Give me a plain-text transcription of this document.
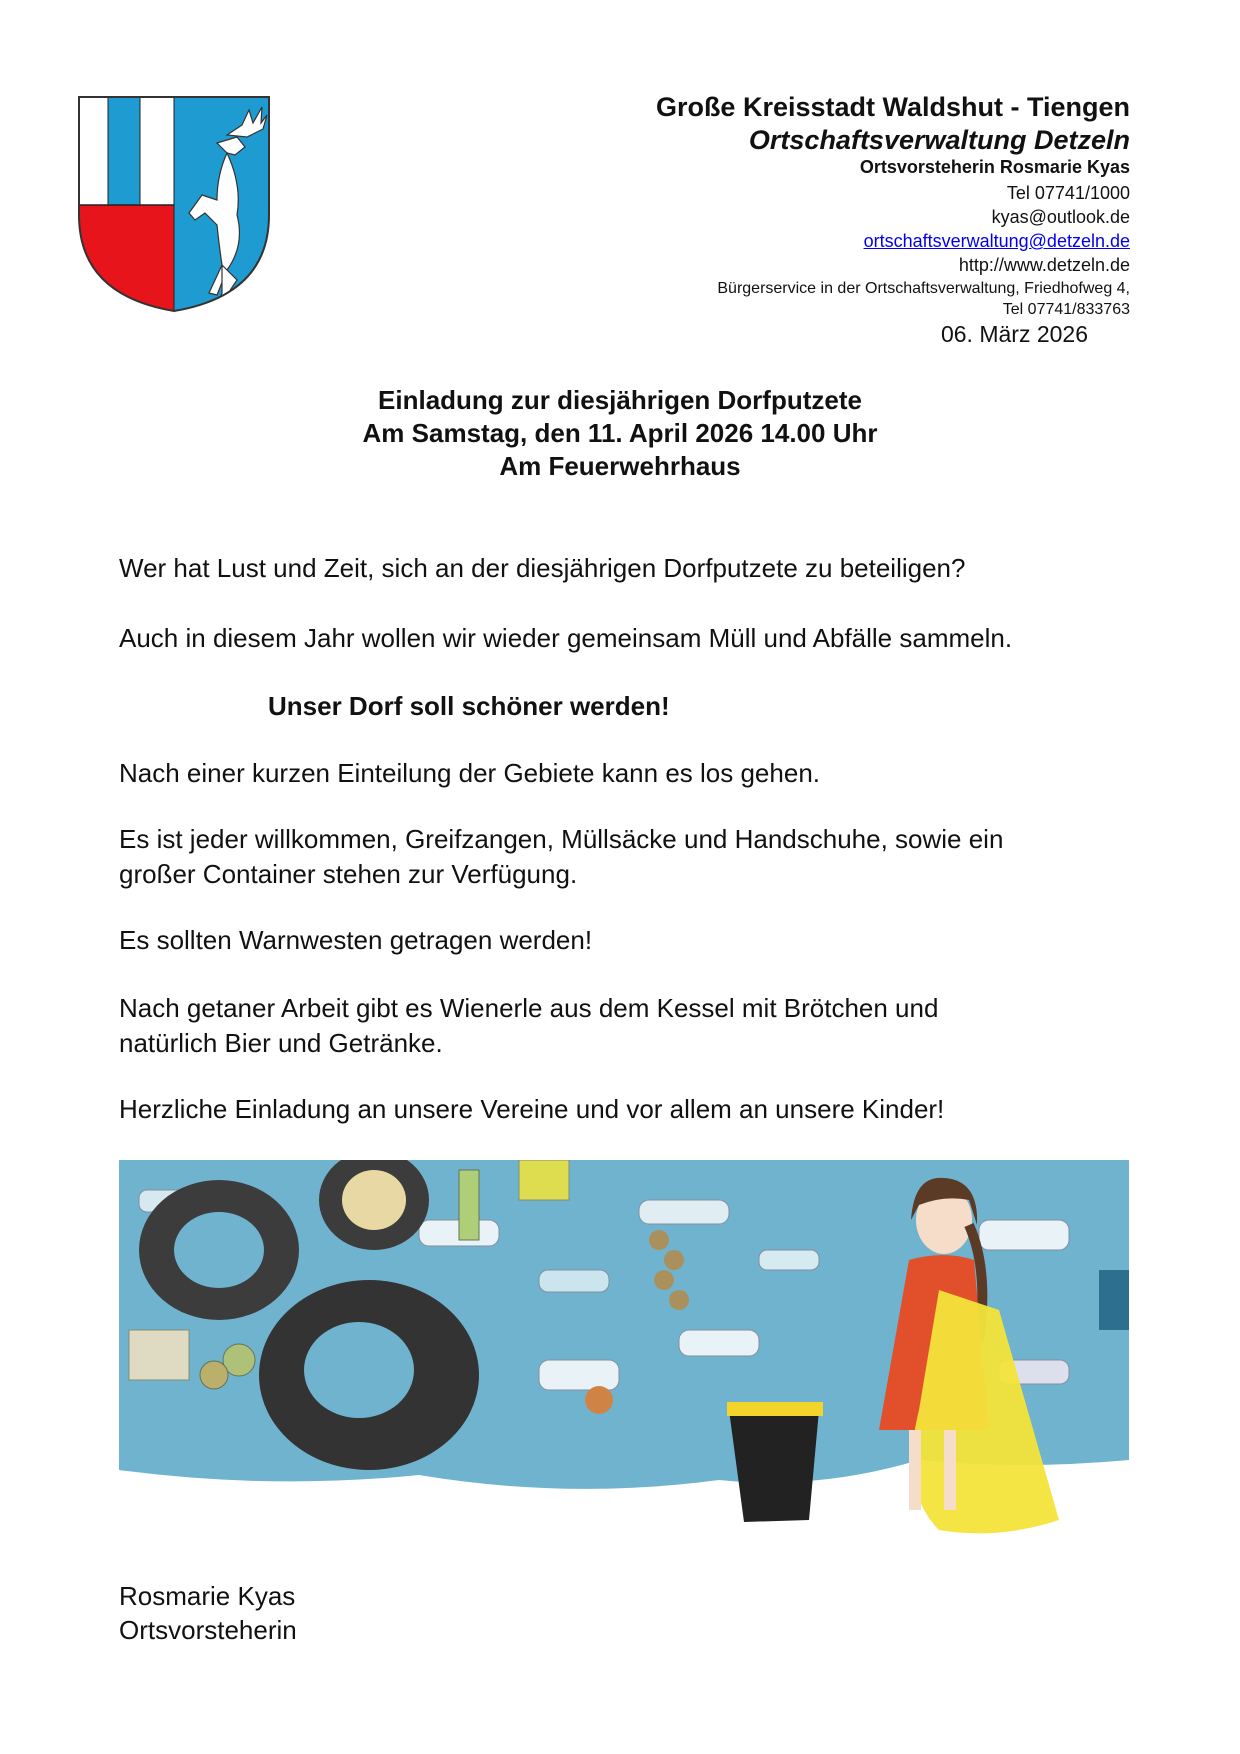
Große Kreisstadt Waldshut - Tiengen
Ortschaftsverwaltung Detzeln
Ortsvorsteherin Rosmarie Kyas
Tel 07741/1000
kyas@outlook.de
ortschaftsverwaltung@detzeln.de
http://www.detzeln.de
Bürgerservice in der Ortschaftsverwaltung, Friedhofweg 4,
Tel 07741/833763
06. März 2026
Einladung zur diesjährigen Dorfputzete
Am Samstag, den 11. April 2026 14.00 Uhr
Am Feuerwehrhaus
Wer hat Lust und Zeit, sich an der diesjährigen Dorfputzete zu beteiligen?
Auch in diesem Jahr wollen wir wieder gemeinsam Müll und Abfälle sammeln.
Unser Dorf soll schöner werden!
Nach einer kurzen Einteilung der Gebiete kann es los gehen.
Es ist jeder willkommen, Greifzangen, Müllsäcke und Handschuhe, sowie ein
großer Container stehen zur Verfügung.
Es sollten Warnwesten getragen werden!
Nach getaner Arbeit gibt es Wienerle aus dem Kessel mit Brötchen und
natürlich Bier und Getränke.
Herzliche Einladung an unsere Vereine und vor allem an unsere Kinder!
Rosmarie Kyas
Ortsvorsteherin
